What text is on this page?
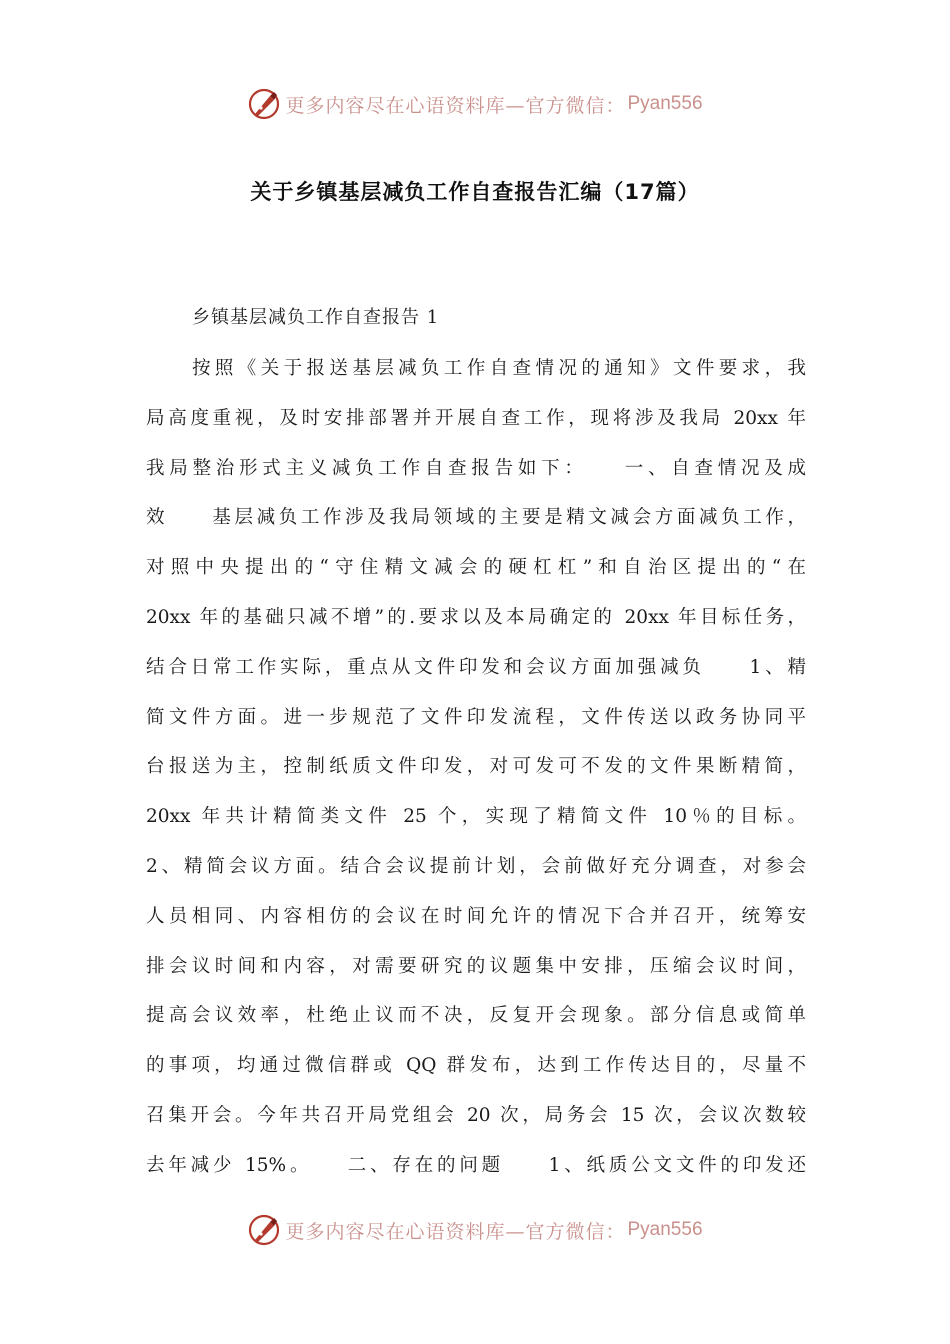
更多内容尽在心语资料库—官方微信： Pyan556
关于乡镇基层减负工作自查报告汇编（17篇）

乡镇基层减负工作自查报告 1

按照《关于报送基层减负工作自查情况的通知》文件要求，我
局高度重视，及时安排部署并开展自查工作，现将涉及我局 20xx 年
我局整治形式主义减负工作自查报告如下：　　一、自查情况及成
效　　基层减负工作涉及我局领域的主要是精文减会方面减负工作，
对照中央提出的“守住精文减会的硬杠杠”和自治区提出的“在
20xx 年的基础只减不增”的.要求以及本局确定的 20xx 年目标任务，
结合日常工作实际，重点从文件印发和会议方面加强减负　　1、精
简文件方面。进一步规范了文件印发流程，文件传送以政务协同平
台报送为主，控制纸质文件印发，对可发可不发的文件果断精简，
20xx 年共计精简类文件 25 个，实现了精简文件 10％的目标。
2、精简会议方面。结合会议提前计划，会前做好充分调查，对参会
人员相同、内容相仿的会议在时间允许的情况下合并召开，统筹安
排会议时间和内容，对需要研究的议题集中安排，压缩会议时间，
提高会议效率，杜绝止议而不决，反复开会现象。部分信息或简单
的事项，均通过微信群或 QQ 群发布，达到工作传达目的，尽量不
召集开会。今年共召开局党组会 20 次，局务会 15 次，会议次数较
去年减少 15%。　　二、存在的问题　　1、纸质公文文件的印发还
更多内容尽在心语资料库—官方微信： Pyan556
